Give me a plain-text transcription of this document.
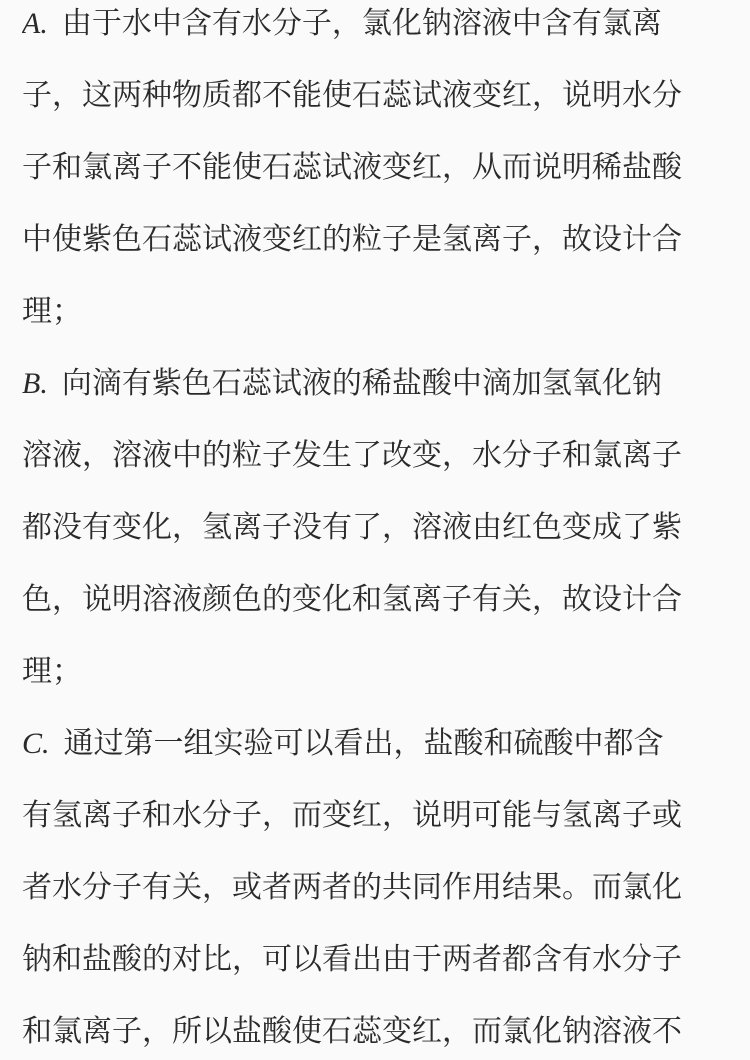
A. 由于水中含有水分子，氯化钠溶液中含有氯离
子，这两种物质都不能使石蕊试液变红，说明水分
子和氯离子不能使石蕊试液变红，从而说明稀盐酸
中使紫色石蕊试液变红的粒子是氢离子，故设计合
理；
B. 向滴有紫色石蕊试液的稀盐酸中滴加氢氧化钠
溶液，溶液中的粒子发生了改变，水分子和氯离子
都没有变化，氢离子没有了，溶液由红色变成了紫
色，说明溶液颜色的变化和氢离子有关，故设计合
理；
C. 通过第一组实验可以看出，盐酸和硫酸中都含
有氢离子和水分子，而变红，说明可能与氢离子或
者水分子有关，或者两者的共同作用结果。而氯化
钠和盐酸的对比，可以看出由于两者都含有水分子
和氯离子，所以盐酸使石蕊变红，而氯化钠溶液不
